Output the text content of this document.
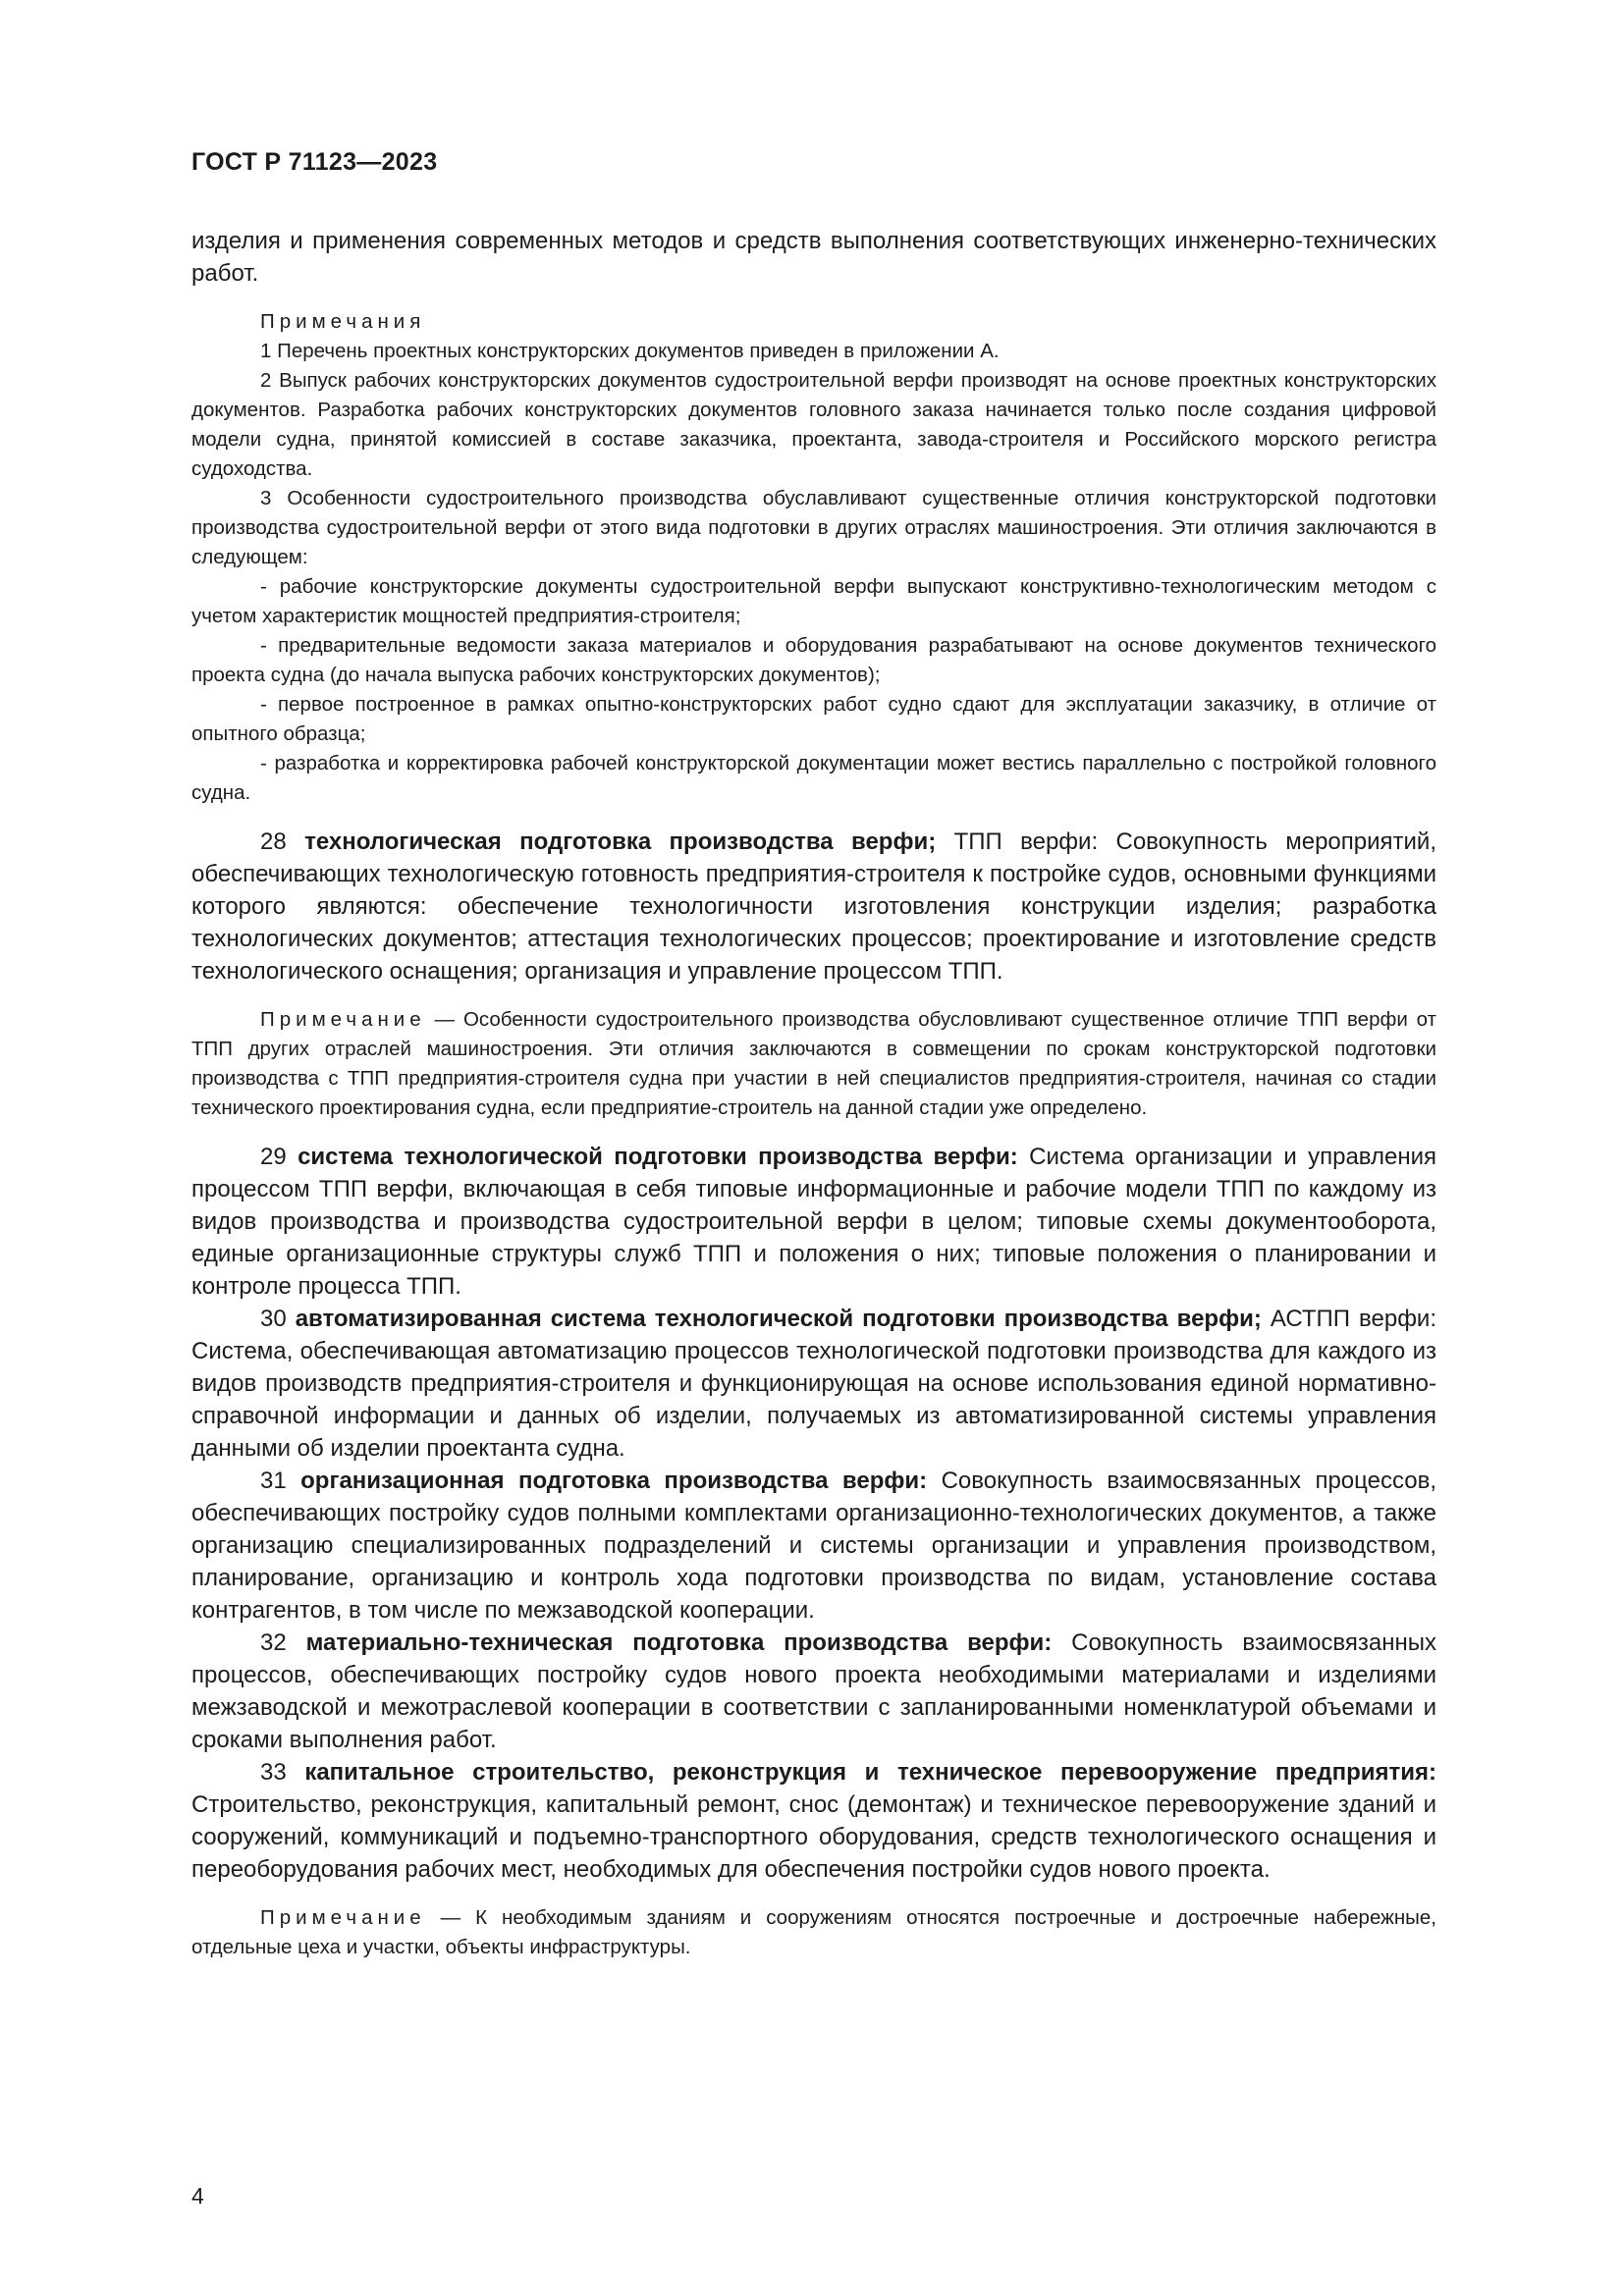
ГОСТ Р 71123—2023

изделия и применения современных методов и средств выполнения соответствующих инженерно-технических работ.

Примечания

1 Перечень проектных конструкторских документов приведен в приложении А.

2 Выпуск рабочих конструкторских документов судостроительной верфи производят на основе проектных конструкторских документов. Разработка рабочих конструкторских документов головного заказа начинается только после создания цифровой модели судна, принятой комиссией в составе заказчика, проектанта, завода-строителя и Российского морского регистра судоходства.

3 Особенности судостроительного производства обуславливают существенные отличия конструкторской подготовки производства судостроительной верфи от этого вида подготовки в других отраслях машиностроения. Эти отличия заключаются в следующем:

- рабочие конструкторские документы судостроительной верфи выпускают конструктивно-технологическим методом с учетом характеристик мощностей предприятия-строителя;

- предварительные ведомости заказа материалов и оборудования разрабатывают на основе документов технического проекта судна (до начала выпуска рабочих конструкторских документов);

- первое построенное в рамках опытно-конструкторских работ судно сдают для эксплуатации заказчику, в отличие от опытного образца;

- разработка и корректировка рабочей конструкторской документации может вестись параллельно с постройкой головного судна.

28 технологическая подготовка производства верфи; ТПП верфи: Совокупность мероприятий, обеспечивающих технологическую готовность предприятия-строителя к постройке судов, основными функциями которого являются: обеспечение технологичности изготовления конструкции изделия; разработка технологических документов; аттестация технологических процессов; проектирование и изготовление средств технологического оснащения; организация и управление процессом ТПП.

Примечание — Особенности судостроительного производства обусловливают существенное отличие ТПП верфи от ТПП других отраслей машиностроения. Эти отличия заключаются в совмещении по срокам конструкторской подготовки производства с ТПП предприятия-строителя судна при участии в ней специалистов предприятия-строителя, начиная со стадии технического проектирования судна, если предприятие-строитель на данной стадии уже определено.

29 система технологической подготовки производства верфи: Система организации и управления процессом ТПП верфи, включающая в себя типовые информационные и рабочие модели ТПП по каждому из видов производства и производства судостроительной верфи в целом; типовые схемы документооборота, единые организационные структуры служб ТПП и положения о них; типовые положения о планировании и контроле процесса ТПП.

30 автоматизированная система технологической подготовки производства верфи; АСТПП верфи: Система, обеспечивающая автоматизацию процессов технологической подготовки производства для каждого из видов производств предприятия-строителя и функционирующая на основе использования единой нормативно-справочной информации и данных об изделии, получаемых из автоматизированной системы управления данными об изделии проектанта судна.

31 организационная подготовка производства верфи: Совокупность взаимосвязанных процессов, обеспечивающих постройку судов полными комплектами организационно-технологических документов, а также организацию специализированных подразделений и системы организации и управления производством, планирование, организацию и контроль хода подготовки производства по видам, установление состава контрагентов, в том числе по межзаводской кооперации.

32 материально-техническая подготовка производства верфи: Совокупность взаимосвязанных процессов, обеспечивающих постройку судов нового проекта необходимыми материалами и изделиями межзаводской и межотраслевой кооперации в соответствии с запланированными номенклатурой объемами и сроками выполнения работ.

33 капитальное строительство, реконструкция и техническое перевооружение предприятия: Строительство, реконструкция, капитальный ремонт, снос (демонтаж) и техническое перевооружение зданий и сооружений, коммуникаций и подъемно-транспортного оборудования, средств технологического оснащения и переоборудования рабочих мест, необходимых для обеспечения постройки судов нового проекта.

Примечание — К необходимым зданиям и сооружениям относятся построечные и достроечные набережные, отдельные цеха и участки, объекты инфраструктуры.

4
